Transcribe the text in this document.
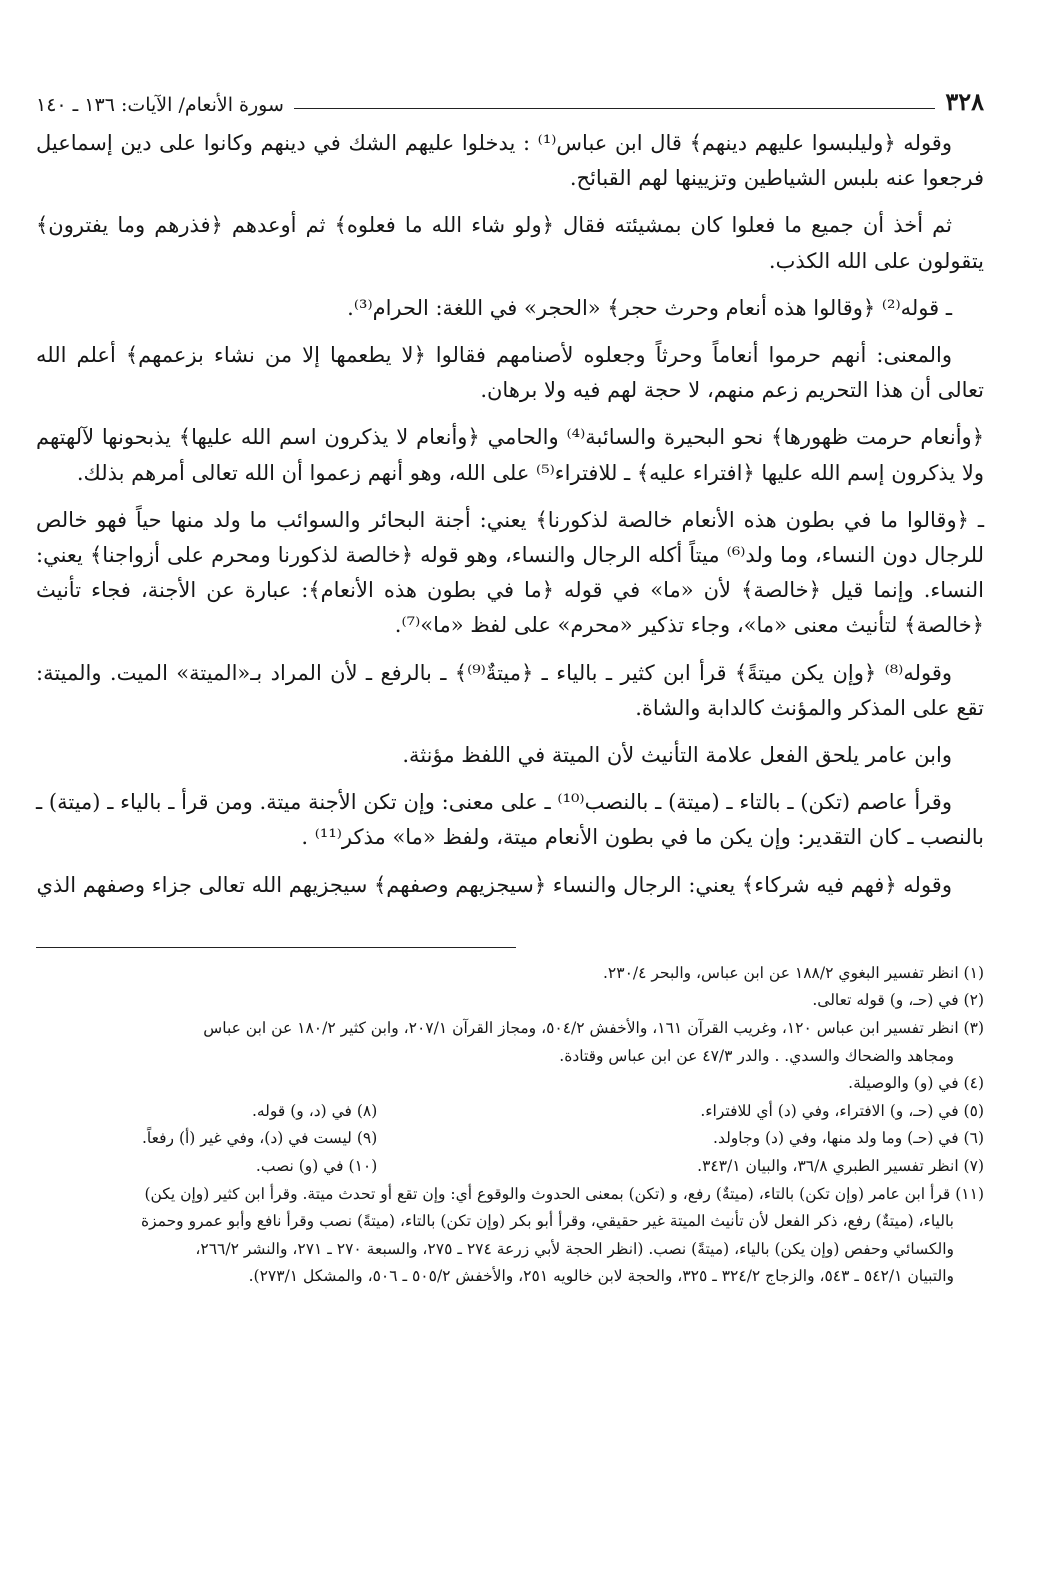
٣٢٨
سورة الأنعام/ الآيات: ١٣٦ ـ ١٤٠

وقوله ﴿وليلبسوا عليهم دينهم﴾ قال ابن عباس⁽¹⁾ : يدخلوا عليهم الشك في دينهم وكانوا على دين إسماعيل فرجعوا عنه بلبس الشياطين وتزيينها لهم القبائح.

ثم أخذ أن جميع ما فعلوا كان بمشيئته فقال ﴿ولو شاء الله ما فعلوه﴾ ثم أوعدهم ﴿فذرهم وما يفترون﴾ يتقولون على الله الكذب.

ـ قوله⁽²⁾ ﴿وقالوا هذه أنعام وحرث حجر﴾ «الحجر» في اللغة: الحرام⁽³⁾.

والمعنى: أنهم حرموا أنعاماً وحرثاً وجعلوه لأصنامهم فقالوا ﴿لا يطعمها إلا من نشاء بزعمهم﴾ أعلم الله تعالى أن هذا التحريم زعم منهم، لا حجة لهم فيه ولا برهان.

﴿وأنعام حرمت ظهورها﴾ نحو البحيرة والسائبة⁽⁴⁾ والحامي ﴿وأنعام لا يذكرون اسم الله عليها﴾ يذبحونها لآلهتهم ولا يذكرون إسم الله عليها ﴿افتراء عليه﴾ ـ للافتراء⁽⁵⁾ على الله، وهو أنهم زعموا أن الله تعالى أمرهم بذلك.

ـ ﴿وقالوا ما في بطون هذه الأنعام خالصة لذكورنا﴾ يعني: أجنة البحائر والسوائب ما ولد منها حياً فهو خالص للرجال دون النساء، وما ولد⁽⁶⁾ ميتاً أكله الرجال والنساء، وهو قوله ﴿خالصة لذكورنا ومحرم على أزواجنا﴾ يعني: النساء. وإنما قيل ﴿خالصة﴾ لأن «ما» في قوله ﴿ما في بطون هذه الأنعام﴾: عبارة عن الأجنة، فجاء تأنيث ﴿خالصة﴾ لتأنيث معنى «ما»، وجاء تذكير «محرم» على لفظ «ما»⁽⁷⁾.

وقوله⁽⁸⁾ ﴿وإن يكن ميتةً﴾ قرأ ابن كثير ـ بالياء ـ ﴿ميتةٌ⁽⁹⁾﴾ ـ بالرفع ـ لأن المراد بـ«الميتة» الميت. والميتة: تقع على المذكر والمؤنث كالدابة والشاة.

وابن عامر يلحق الفعل علامة التأنيث لأن الميتة في اللفظ مؤنثة.

وقرأ عاصم (تكن) ـ بالتاء ـ (ميتة) ـ بالنصب⁽¹⁰⁾ ـ على معنى: وإن تكن الأجنة ميتة. ومن قرأ ـ بالياء ـ (ميتة) ـ بالنصب ـ كان التقدير: وإن يكن ما في بطون الأنعام ميتة، ولفظ «ما» مذكر⁽¹¹⁾ .

وقوله ﴿فهم فيه شركاء﴾ يعني: الرجال والنساء ﴿سيجزيهم وصفهم﴾ سيجزيهم الله تعالى جزاء وصفهم الذي

(١) انظر تفسير البغوي ١٨٨/٢ عن ابن عباس، والبحر ٢٣٠/٤.

(٢) في (حـ، و) قوله تعالى.

(٣) انظر تفسير ابن عباس ١٢٠، وغريب القرآن ١٦١، والأخفش ٥٠٤/٢، ومجاز القرآن ٢٠٧/١، وابن كثير ١٨٠/٢ عن ابن عباس

ومجاهد والضحاك والسدي. . والدر ٤٧/٣ عن ابن عباس وقتادة.

(٤) في (و) والوصيلة.

(٥) في (حـ، و) الافتراء، وفي (د) أي للافتراء.

(٨) في (د، و) قوله.

(٦) في (حـ) وما ولد منها، وفي (د) وجاولد.

(٩) ليست في (د)، وفي غير (أ) رفعاً.

(٧) انظر تفسير الطبري ٣٦/٨، والبيان ٣٤٣/١.

(١٠) في (و) نصب.

(١١) قرأ ابن عامر (وإن تكن) بالتاء، (ميتةٌ) رفع، و (تكن) بمعنى الحدوث والوقوع أي: وإن تقع أو تحدث ميتة. وقرأ ابن كثير (وإن يكن)

بالياء، (ميتةٌ) رفع، ذكر الفعل لأن تأنيث الميتة غير حقيقي، وقرأ أبو بكر (وإن تكن) بالتاء، (ميتةً) نصب وقرأ نافع وأبو عمرو وحمزة

والكسائي وحفص (وإن يكن) بالياء، (ميتةً) نصب. (انظر الحجة لأبي زرعة ٢٧٤ ـ ٢٧٥، والسبعة ٢٧٠ ـ ٢٧١، والنشر ٢٦٦/٢،

والتبيان ٥٤٢/١ ـ ٥٤٣، والزجاج ٣٢٤/٢ ـ ٣٢٥، والحجة لابن خالويه ٢٥١، والأخفش ٥٠٥/٢ ـ ٥٠٦، والمشكل ٢٧٣/١).
